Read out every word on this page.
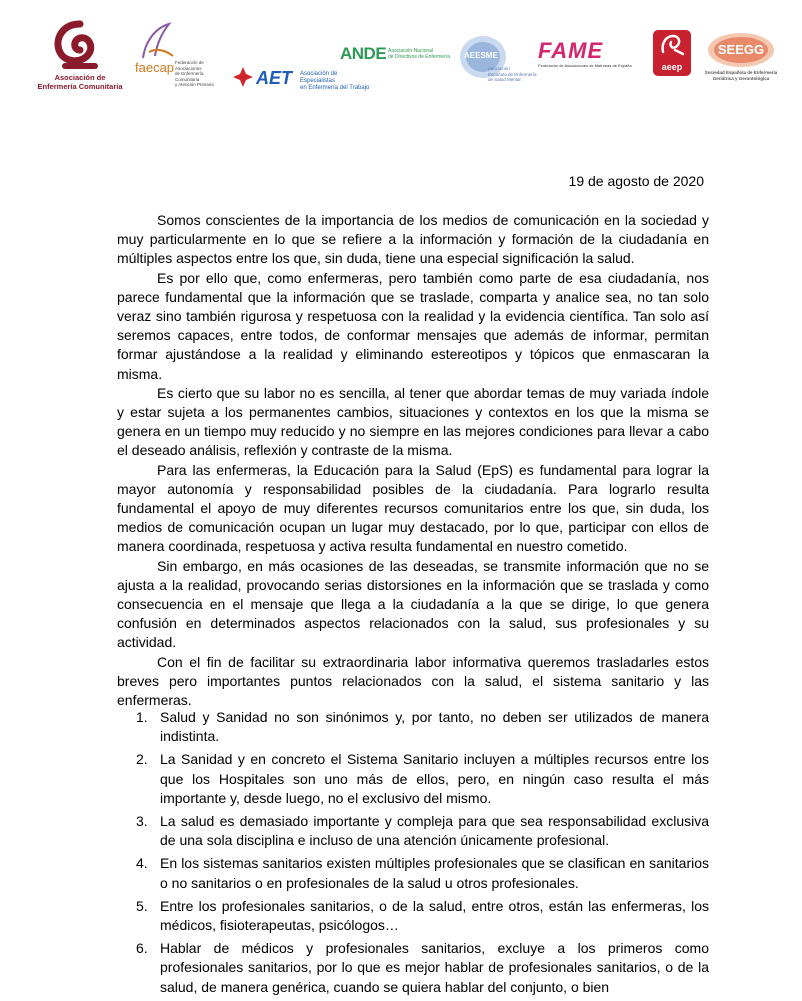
Asociación de
Enfermería Comunitaria
faecap Federación de Asociaciones
de Enfermería Comunitaria
y Atención Primaria	AET Asociación de Especialistas
en Enfermería del Trabajo
ANDE Asociación Nacional
de Directivos de Enfermería AEESME
Asociación
Española de Enfermería
de Salud Mental
FAME
Federación de Asociaciones de Matronas de España	aeep
SEEGG
Sociedad Española de Enfermería
Geriátrica y Gerontológica
19 de agosto de 2020

Somos conscientes de la importancia de los medios de comunicación en la sociedad y muy particularmente en lo que se refiere a la información y formación de la ciudadanía en múltiples aspectos entre los que, sin duda, tiene una especial significación la salud.

Es por ello que, como enfermeras, pero también como parte de esa ciudadanía, nos parece fundamental que la información que se traslade, comparta y analice sea, no tan solo veraz sino también rigurosa y respetuosa con la realidad y la evidencia científica. Tan solo así seremos capaces, entre todos, de conformar mensajes que además de informar, permitan formar ajustándose a la realidad y eliminando estereotipos y tópicos que enmascaran la misma.

Es cierto que su labor no es sencilla, al tener que abordar temas de muy variada índole y estar sujeta a los permanentes cambios, situaciones y contextos en los que la misma se genera en un tiempo muy reducido y no siempre en las mejores condiciones para llevar a cabo el deseado análisis, reflexión y contraste de la misma.

Para las enfermeras, la Educación para la Salud (EpS) es fundamental para lograr la mayor autonomía y responsabilidad posibles de la ciudadanía. Para lograrlo resulta fundamental el apoyo de muy diferentes recursos comunitarios entre los que, sin duda, los medios de comunicación ocupan un lugar muy destacado, por lo que, participar con ellos de manera coordinada, respetuosa y activa resulta fundamental en nuestro cometido.

Sin embargo, en más ocasiones de las deseadas, se transmite información que no se ajusta a la realidad, provocando serias distorsiones en la información que se traslada y como consecuencia en el mensaje que llega a la ciudadanía a la que se dirige, lo que genera confusión en determinados aspectos relacionados con la salud, sus profesionales y su actividad.

Con el fin de facilitar su extraordinaria labor informativa queremos trasladarles estos breves pero importantes puntos relacionados con la salud, el sistema sanitario y las enfermeras.

1. Salud y Sanidad no son sinónimos y, por tanto, no deben ser utilizados de manera indistinta.
2. La Sanidad y en concreto el Sistema Sanitario incluyen a múltiples recursos entre los que los Hospitales son uno más de ellos, pero, en ningún caso resulta el más importante y, desde luego, no el exclusivo del mismo.
3. La salud es demasiado importante y compleja para que sea responsabilidad exclusiva de una sola disciplina e incluso de una atención únicamente profesional.
4. En los sistemas sanitarios existen múltiples profesionales que se clasifican en sanitarios o no sanitarios o en profesionales de la salud u otros profesionales.
5. Entre los profesionales sanitarios, o de la salud, entre otros, están las enfermeras, los médicos, fisioterapeutas, psicólogos…
6. Hablar de médicos y profesionales sanitarios, excluye a los primeros como profesionales sanitarios, por lo que es mejor hablar de profesionales sanitarios, o de la salud, de manera genérica, cuando se quiera hablar del conjunto, o bien
